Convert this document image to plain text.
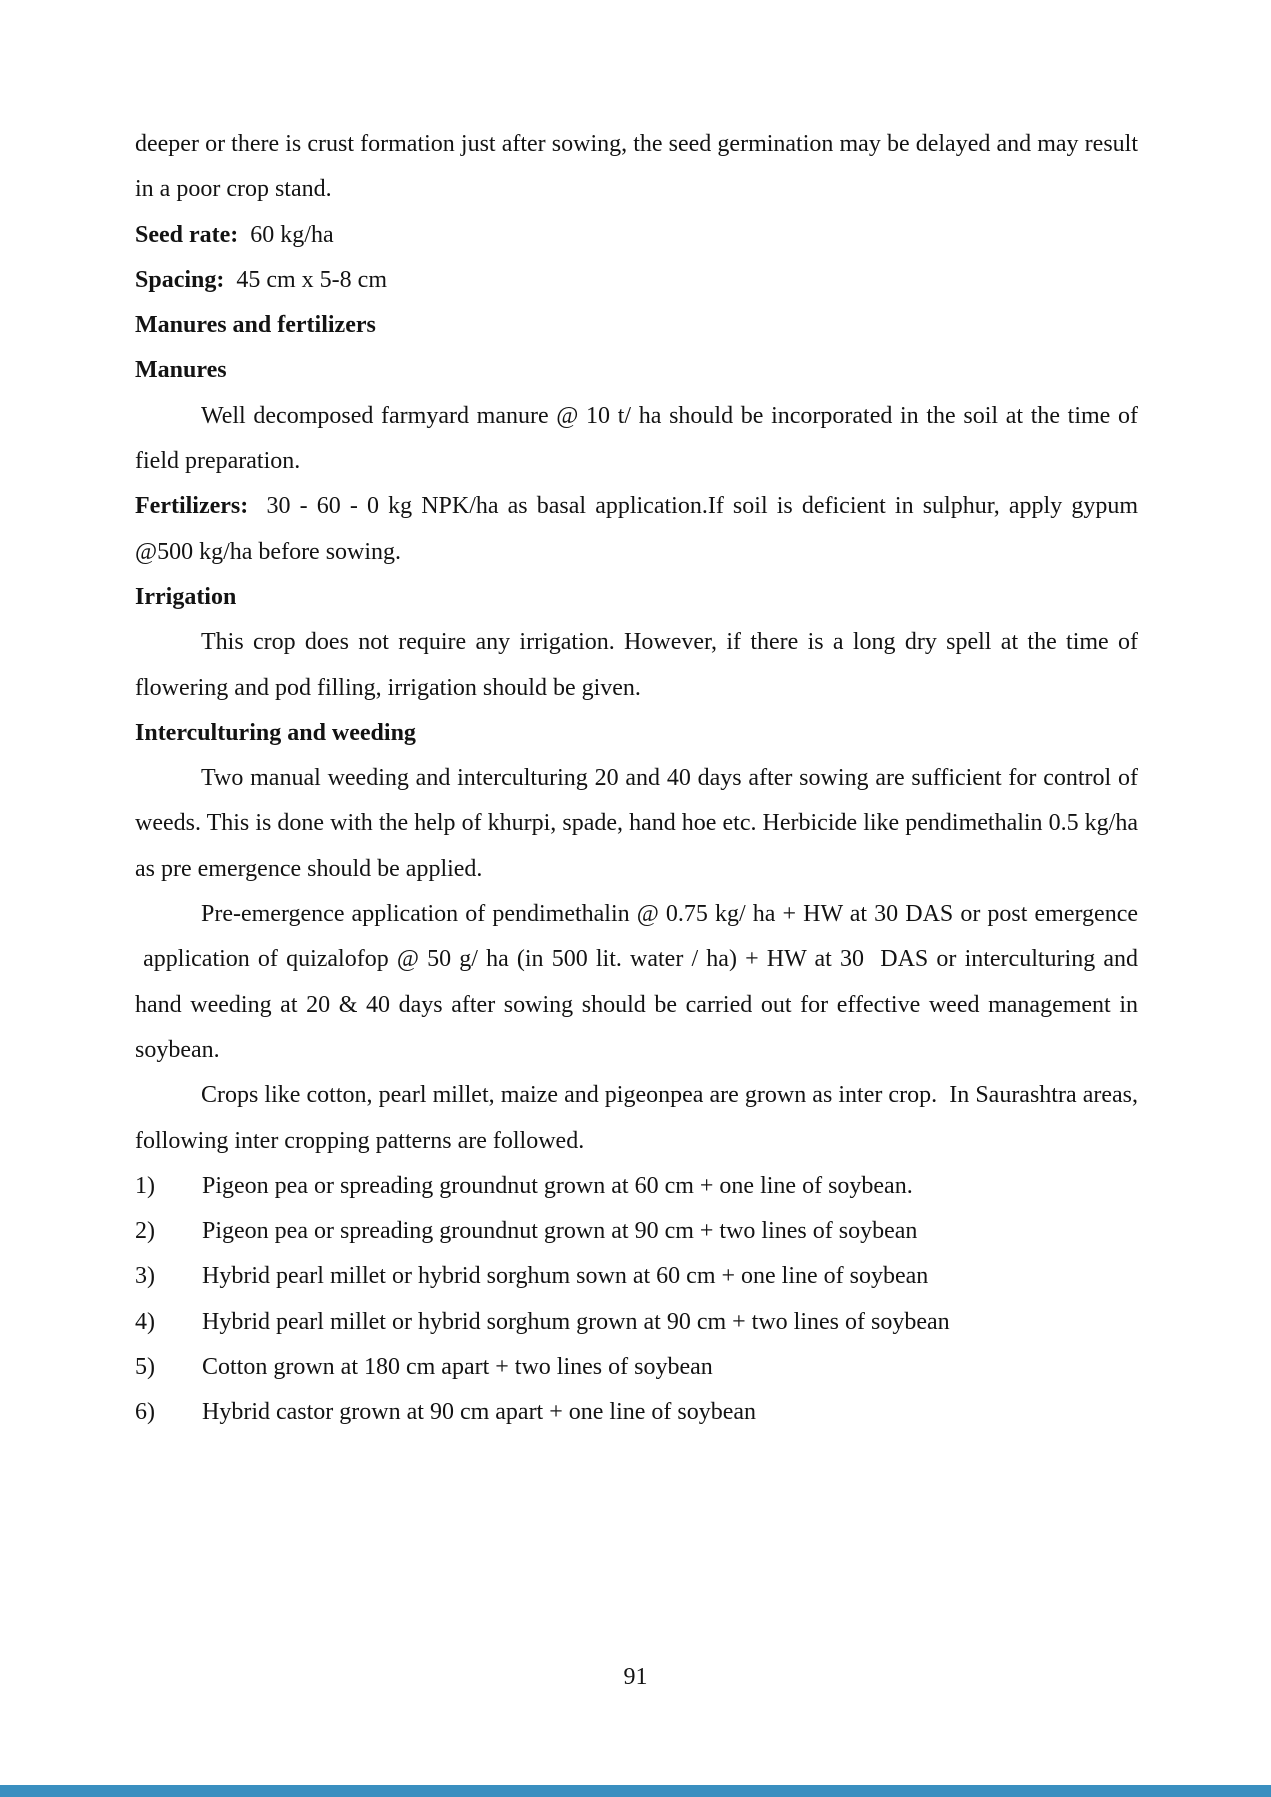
deeper or there is crust formation just after sowing, the seed germination may be delayed and may result in a poor crop stand.

Seed rate:  60 kg/ha

Spacing:  45 cm x 5-8 cm

Manures and fertilizers

Manures

Well decomposed farmyard manure @ 10 t/ ha should be incorporated in the soil at the time of field preparation.

Fertilizers:  30 - 60 - 0 kg NPK/ha as basal application.If soil is deficient in sulphur, apply gypum @500 kg/ha before sowing.

Irrigation

This crop does not require any irrigation. However, if there is a long dry spell at the time of flowering and pod filling, irrigation should be given.

Interculturing and weeding

Two manual weeding and interculturing 20 and 40 days after sowing are sufficient for control of weeds. This is done with the help of khurpi, spade, hand hoe etc. Herbicide like pendimethalin 0.5 kg/ha as pre emergence should be applied.

Pre-emergence application of pendimethalin @ 0.75 kg/ ha + HW at 30 DAS or post emergence  application of quizalofop @ 50 g/ ha (in 500 lit. water / ha) + HW at 30  DAS or interculturing and hand weeding at 20 & 40 days after sowing should be carried out for effective weed management in soybean.

Crops like cotton, pearl millet, maize and pigeonpea are grown as inter crop.  In Saurashtra areas, following inter cropping patterns are followed.

1)	Pigeon pea or spreading groundnut grown at 60 cm + one line of soybean.
2)	Pigeon pea or spreading groundnut grown at 90 cm + two lines of soybean
3)	Hybrid pearl millet or hybrid sorghum sown at 60 cm + one line of soybean
4)	Hybrid pearl millet or hybrid sorghum grown at 90 cm + two lines of soybean
5)	Cotton grown at 180 cm apart + two lines of soybean
6)	Hybrid castor grown at 90 cm apart + one line of soybean
91
